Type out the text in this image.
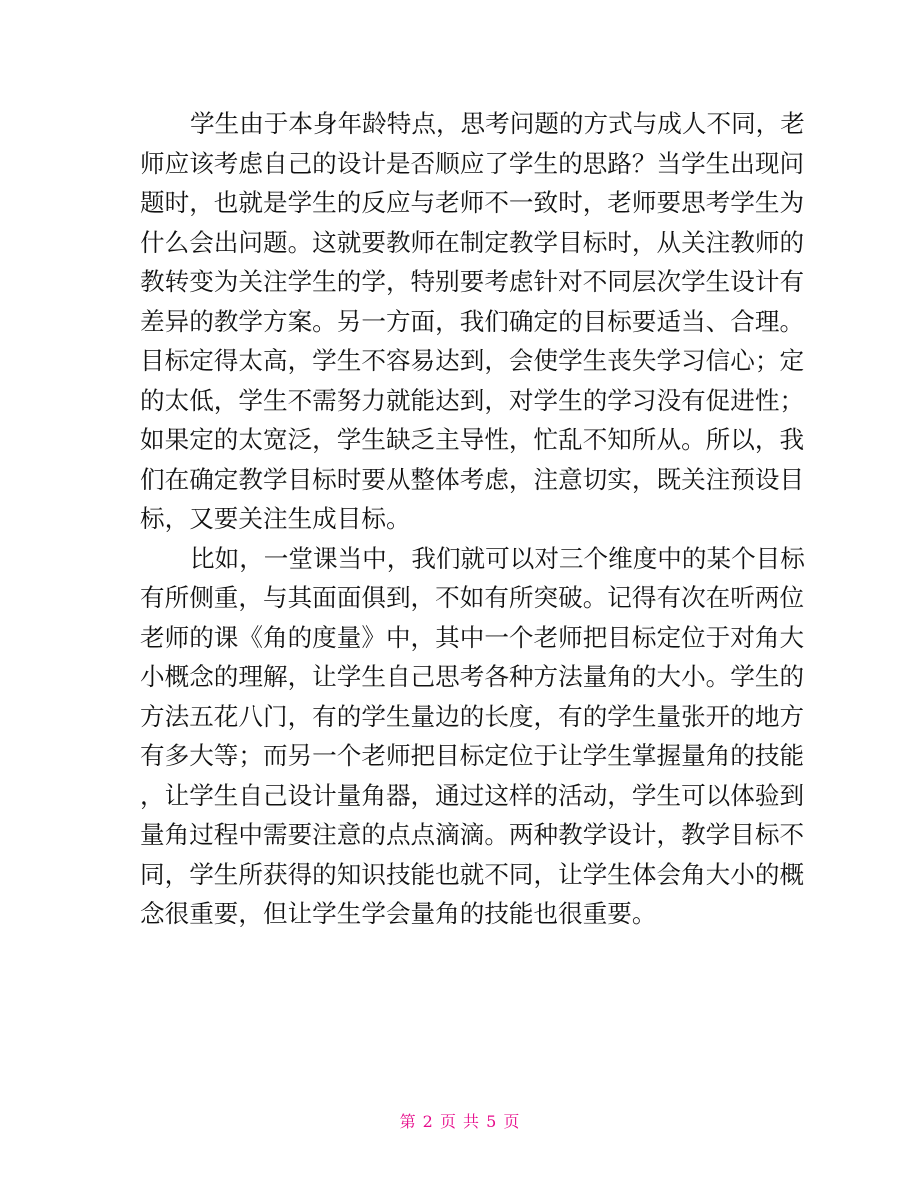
学生由于本身年龄特点，思考问题的方式与成人不同，老
师应该考虑自己的设计是否顺应了学生的思路？当学生出现问
题时，也就是学生的反应与老师不一致时，老师要思考学生为
什么会出问题。这就要教师在制定教学目标时，从关注教师的
教转变为关注学生的学，特别要考虑针对不同层次学生设计有
差异的教学方案。另一方面，我们确定的目标要适当、合理。
目标定得太高，学生不容易达到，会使学生丧失学习信心；定
的太低，学生不需努力就能达到，对学生的学习没有促进性；
如果定的太宽泛，学生缺乏主导性，忙乱不知所从。所以，我
们在确定教学目标时要从整体考虑，注意切实，既关注预设目
标，又要关注生成目标。
比如，一堂课当中，我们就可以对三个维度中的某个目标
有所侧重，与其面面俱到，不如有所突破。记得有次在听两位
老师的课《角的度量》中，其中一个老师把目标定位于对角大
小概念的理解，让学生自己思考各种方法量角的大小。学生的
方法五花八门，有的学生量边的长度，有的学生量张开的地方
有多大等；而另一个老师把目标定位于让学生掌握量角的技能
，让学生自己设计量角器，通过这样的活动，学生可以体验到
量角过程中需要注意的点点滴滴。两种教学设计，教学目标不
同，学生所获得的知识技能也就不同，让学生体会角大小的概
念很重要，但让学生学会量角的技能也很重要。
第 2 页 共 5 页
